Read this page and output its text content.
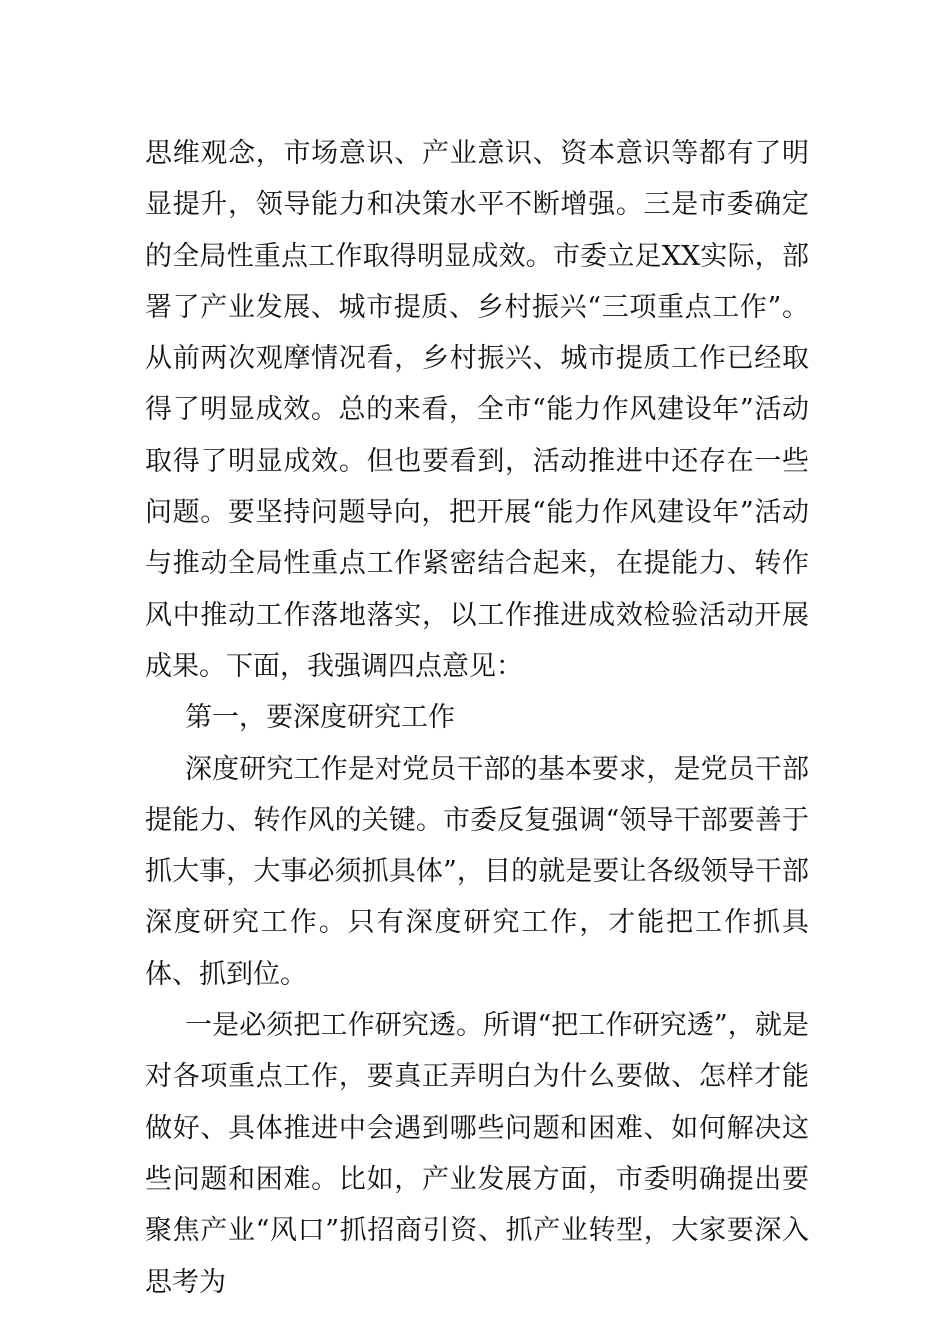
思维观念，市场意识、产业意识、资本意识等都有了明显提升，领导能力和决策水平不断增强。三是市委确定的全局性重点工作取得明显成效。市委立足XX实际，部署了产业发展、城市提质、乡村振兴“三项重点工作”。从前两次观摩情况看，乡村振兴、城市提质工作已经取得了明显成效。总的来看，全市“能力作风建设年”活动取得了明显成效。但也要看到，活动推进中还存在一些问题。要坚持问题导向，把开展“能力作风建设年”活动与推动全局性重点工作紧密结合起来，在提能力、转作风中推动工作落地落实，以工作推进成效检验活动开展成果。下面，我强调四点意见：

第一，要深度研究工作

深度研究工作是对党员干部的基本要求，是党员干部提能力、转作风的关键。市委反复强调“领导干部要善于抓大事，大事必须抓具体”，目的就是要让各级领导干部深度研究工作。只有深度研究工作，才能把工作抓具体、抓到位。

一是必须把工作研究透。所谓“把工作研究透”，就是对各项重点工作，要真正弄明白为什么要做、怎样才能做好、具体推进中会遇到哪些问题和困难、如何解决这些问题和困难。比如，产业发展方面，市委明确提出要聚焦产业“风口”抓招商引资、抓产业转型，大家要深入思考为
